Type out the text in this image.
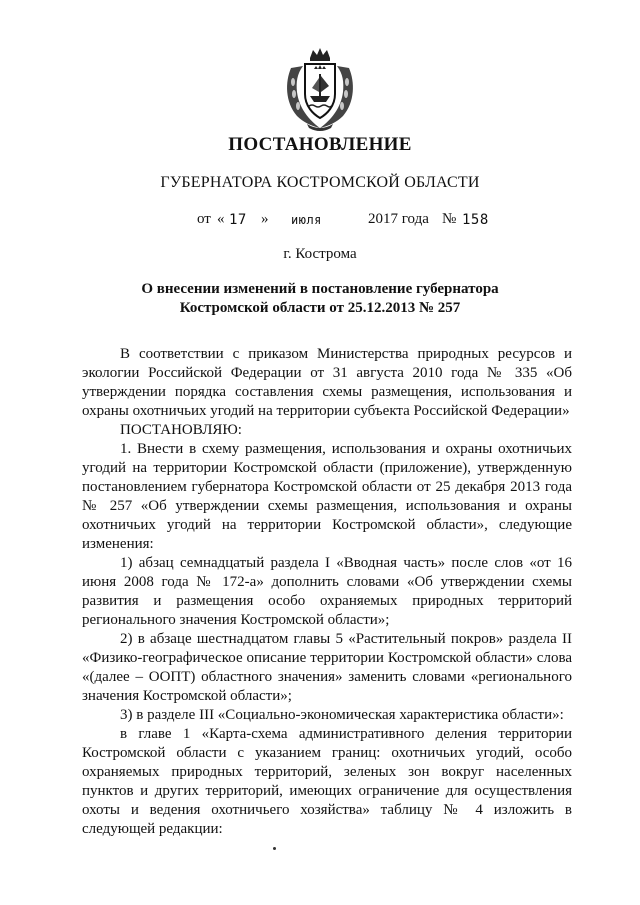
ПОСТАНОВЛЕНИЕ
ГУБЕРНАТОРА КОСТРОМСКОЙ ОБЛАСТИ
от « 17 » июля	2017 года № 158
г. Кострома
О внесении изменений в постановление губернатора
Костромской области от 25.12.2013 № 257

В соответствии с приказом Министерства природных ресурсов и экологии Российской Федерации от 31 августа 2010 года № 335 «Об утверждении порядка составления схемы размещения, использования и охраны охотничьих угодий на территории субъекта Российской Федерации»

ПОСТАНОВЛЯЮ:

1. Внести в схему размещения, использования и охраны охотничьих угодий на территории Костромской области (приложение), утвержденную постановлением губернатора Костромской области от 25 декабря 2013 года № 257 «Об утверждении схемы размещения, использования и охраны охотничьих угодий на территории Костромской области», следующие изменения:

1) абзац семнадцатый раздела I «Вводная часть» после слов «от 16 июня 2008 года № 172-а» дополнить словами «Об утверждении схемы развития и размещения особо охраняемых природных территорий регионального значения Костромской области»;

2) в абзаце шестнадцатом главы 5 «Растительный покров» раздела II «Физико-географическое описание территории Костромской области» слова «(далее – ООПТ) областного значения» заменить словами «регионального значения Костромской области»;

3) в разделе III «Социально-экономическая характеристика области»:

в главе 1 «Карта-схема административного деления территории Костромской области с указанием границ: охотничьих угодий, особо охраняемых природных территорий, зеленых зон вокруг населенных пунктов и других территорий, имеющих ограничение для осуществления охоты и ведения охотничьего хозяйства» таблицу № 4 изложить в следующей редакции:
